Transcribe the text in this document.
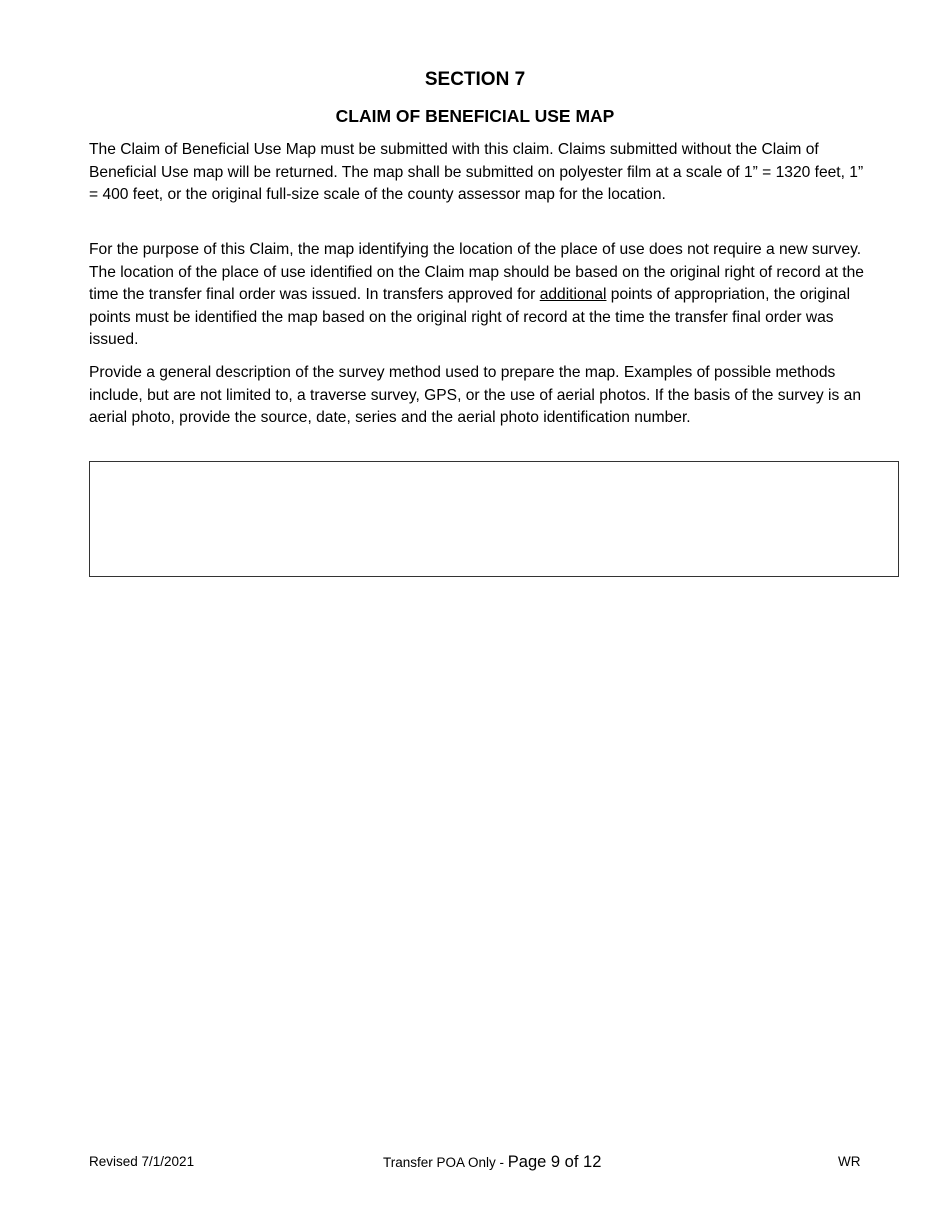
SECTION 7
CLAIM OF BENEFICIAL USE MAP

The Claim of Beneficial Use Map must be submitted with this claim. Claims submitted without the Claim of Beneficial Use map will be returned. The map shall be submitted on polyester film at a scale of 1” = 1320 feet, 1” = 400 feet, or the original full-size scale of the county assessor map for the location.

For the purpose of this Claim, the map identifying the location of the place of use does not require a new survey. The location of the place of use identified on the Claim map should be based on the original right of record at the time the transfer final order was issued. In transfers approved for additional points of appropriation, the original points must be identified the map based on the original right of record at the time the transfer final order was issued.

Provide a general description of the survey method used to prepare the map. Examples of possible methods include, but are not limited to, a traverse survey, GPS, or the use of aerial photos. If the basis of the survey is an aerial photo, provide the source, date, series and the aerial photo identification number.

Revised 7/1/2021	Transfer POA Only - Page 9 of 12	WR
